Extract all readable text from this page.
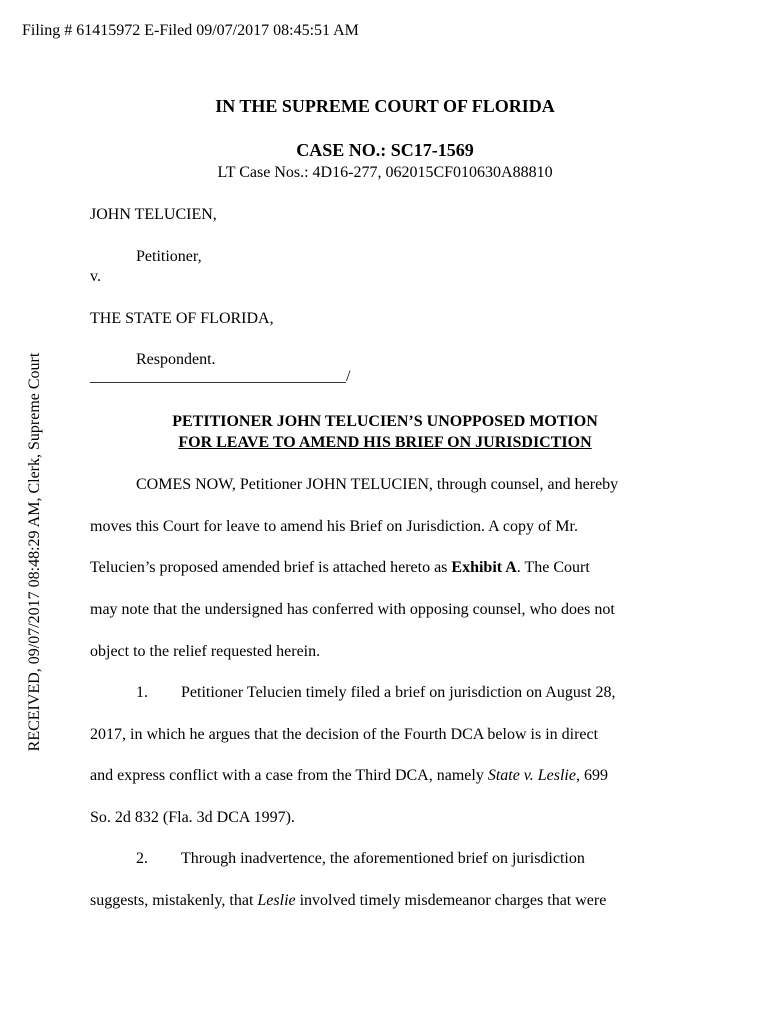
Filing # 61415972 E-Filed 09/07/2017 08:45:51 AM
RECEIVED, 09/07/2017 08:48:29 AM, Clerk, Supreme Court
IN THE SUPREME COURT OF FLORIDA
CASE NO.: SC17-1569
LT Case Nos.: 4D16-277, 062015CF010630A88810
JOHN TELUCIEN,
Petitioner,
v.
THE STATE OF FLORIDA,
Respondent.
________________________________/
PETITIONER JOHN TELUCIEN’S UNOPPOSED MOTION
FOR LEAVE TO AMEND HIS BRIEF ON JURISDICTION
COMES NOW, Petitioner JOHN TELUCIEN, through counsel, and hereby
moves this Court for leave to amend his Brief on Jurisdiction. A copy of Mr.
Telucien’s proposed amended brief is attached hereto as Exhibit A. The Court
may note that the undersigned has conferred with opposing counsel, who does not
object to the relief requested herein.
1. Petitioner Telucien timely filed a brief on jurisdiction on August 28,
2017, in which he argues that the decision of the Fourth DCA below is in direct
and express conflict with a case from the Third DCA, namely State v. Leslie, 699
So. 2d 832 (Fla. 3d DCA 1997).
2. Through inadvertence, the aforementioned brief on jurisdiction
suggests, mistakenly, that Leslie involved timely misdemeanor charges that were
